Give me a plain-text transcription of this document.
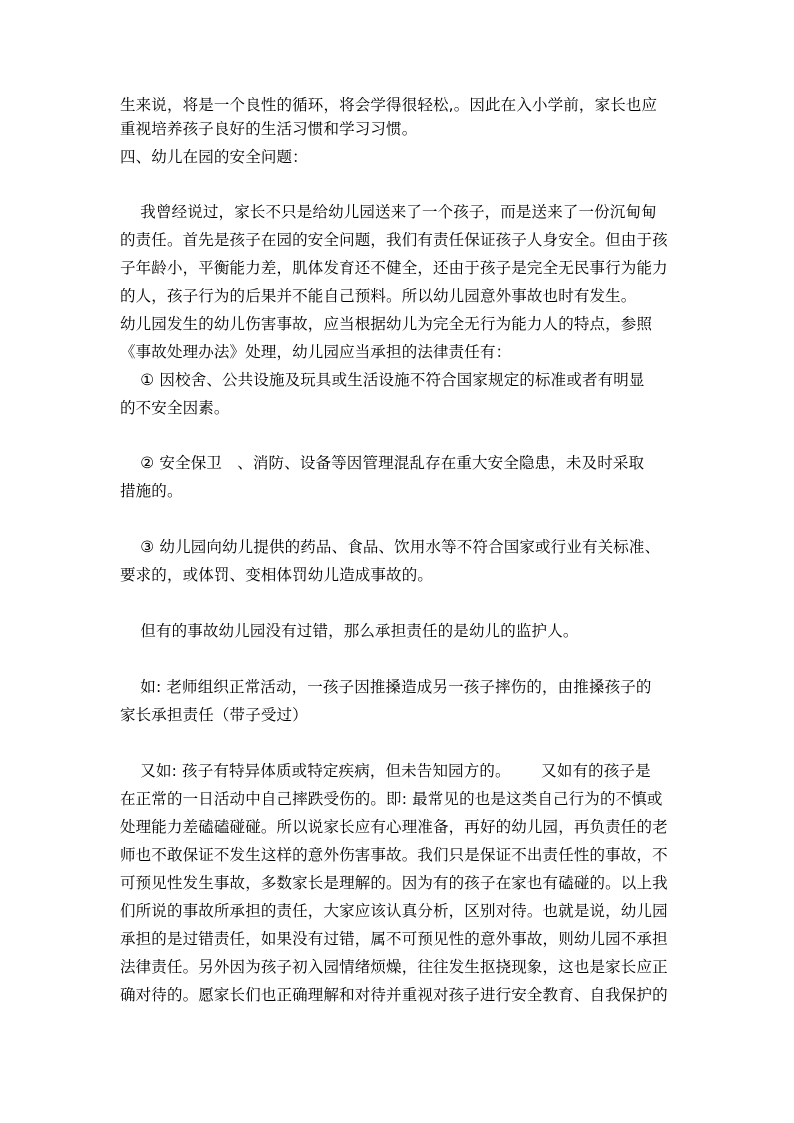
生来说，将是一个良性的循环，将会学得很轻松,。因此在入小学前，家长也应
重视培养孩子良好的生活习惯和学习习惯。
四、幼儿在园的安全问题：
我曾经说过，家长不只是给幼儿园送来了一个孩子，而是送来了一份沉甸甸
的责任。首先是孩子在园的安全问题，我们有责任保证孩子人身安全。但由于孩
子年龄小，平衡能力差，肌体发育还不健全，还由于孩子是完全无民事行为能力
的人，孩子行为的后果并不能自己预料。所以幼儿园意外事故也时有发生。
幼儿园发生的幼儿伤害事故，应当根据幼儿为完全无行为能力人的特点，参照
《事故处理办法》处理，幼儿园应当承担的法律责任有：
① 因校舍、公共设施及玩具或生活设施不符合国家规定的标准或者有明显
的不安全因素。
② 安全保卫   、消防、设备等因管理混乱存在重大安全隐患，未及时采取
措施的。
③ 幼儿园向幼儿提供的药品、食品、饮用水等不符合国家或行业有关标准、
要求的，或体罚、变相体罚幼儿造成事故的。
但有的事故幼儿园没有过错，那么承担责任的是幼儿的监护人。
如: 老师组织正常活动，一孩子因推搡造成另一孩子摔伤的，由推搡孩子的
家长承担责任（带子受过）
又如: 孩子有特异体质或特定疾病，但未告知园方的。      又如有的孩子是
在正常的一日活动中自己摔跌受伤的。即: 最常见的也是这类自己行为的不慎或
处理能力差磕磕碰碰。所以说家长应有心理准备，再好的幼儿园，再负责任的老
师也不敢保证不发生这样的意外伤害事故。我们只是保证不出责任性的事故，不
可预见性发生事故，多数家长是理解的。因为有的孩子在家也有磕碰的。以上我
们所说的事故所承担的责任，大家应该认真分析，区别对待。也就是说，幼儿园
承担的是过错责任，如果没有过错，属不可预见性的意外事故，则幼儿园不承担
法律责任。另外因为孩子初入园情绪烦燥，往往发生抠挠现象，这也是家长应正
确对待的。愿家长们也正确理解和对待并重视对孩子进行安全教育、自我保护的
